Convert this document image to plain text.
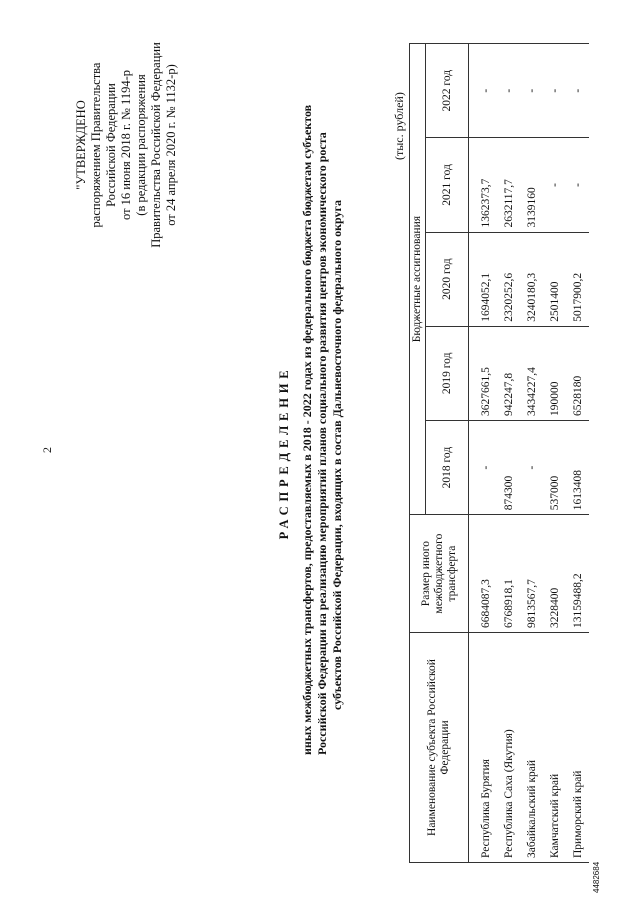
2
"УТВЕРЖДЕНО распоряжением Правительства Российской Федерации от 16 июня 2018 г. № 1194-р (в редакции распоряжения Правительства Российской Федерации от 24 апреля 2020 г. № 1132-р)
РАСПРЕДЕЛЕНИЕ иных межбюджетных трансфертов, предоставляемых в 2018 - 2022 годах из федерального бюджета бюджетам субъектов Российской Федерации на реализацию мероприятий планов социального развития центров экономического роста субъектов Российской Федерации, входящих в состав Дальневосточного федерального округа
(тыс. рублей)
Наименование субъекта Российской Федерации	Размер иного межбюджетного трансферта	Бюджетные ассигнования				
		2018 год	2019 год	2020 год	2021 год	2022 год
Республика Бурятия	6684087,3	-	3627661,5	1694052,1	1362373,7	-
Республика Саха (Якутия)	6768918,1	874300	942247,8	2320252,6	2632117,7	-
Забайкальский край	9813567,7	-	3434227,4	3240180,3	3139160	-
Камчатский край	3228400	537000	190000	2501400	-	-
Приморский край	13159488,2	1613408	6528180	5017900,2	-	-
4482684
